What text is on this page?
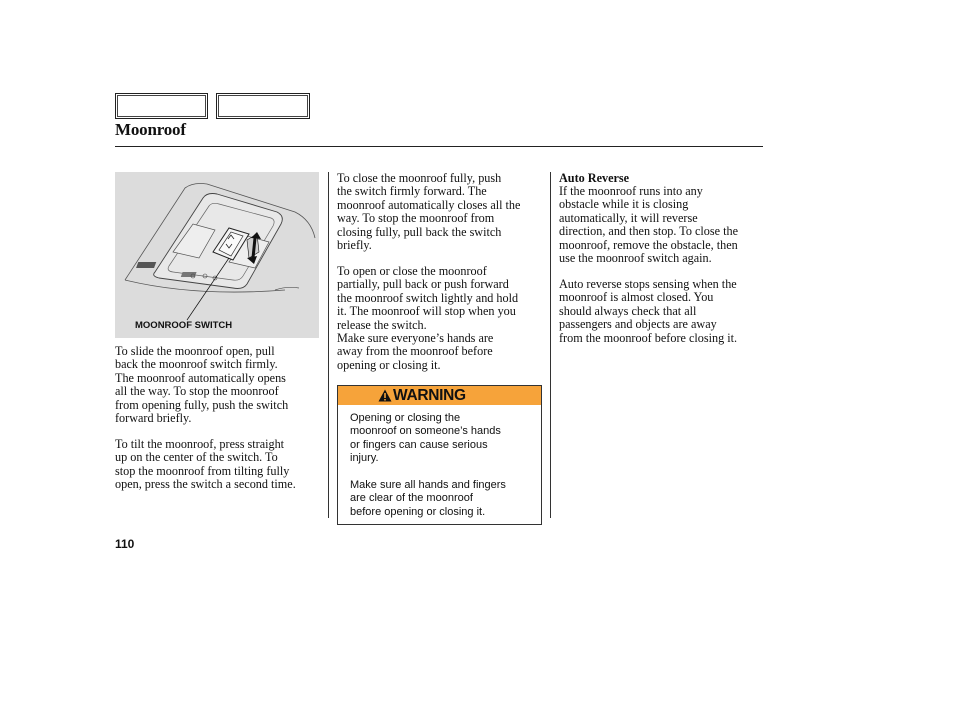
Moonroof
MOONROOF SWITCH

To slide the moonroof open, pull
back the moonroof switch firmly.
The moonroof automatically opens
all the way. To stop the moonroof
from opening fully, push the switch
forward briefly.

To tilt the moonroof, press straight
up on the center of the switch. To
stop the moonroof from tilting fully
open, press the switch a second time.

To close the moonroof fully, push
the switch firmly forward. The
moonroof automatically closes all the
way. To stop the moonroof from
closing fully, pull back the switch
briefly.

To open or close the moonroof
partially, pull back or push forward
the moonroof switch lightly and hold
it. The moonroof will stop when you
release the switch.
Make sure everyone’s hands are
away from the moonroof before
opening or closing it.

WARNING

Opening or closing the
moonroof on someone’s hands
or fingers can cause serious
injury.

Make sure all hands and fingers
are clear of the moonroof
before opening or closing it.

Auto Reverse

If the moonroof runs into any
obstacle while it is closing
automatically, it will reverse
direction, and then stop. To close the
moonroof, remove the obstacle, then
use the moonroof switch again.

Auto reverse stops sensing when the
moonroof is almost closed. You
should always check that all
passengers and objects are away
from the moonroof before closing it.

110
